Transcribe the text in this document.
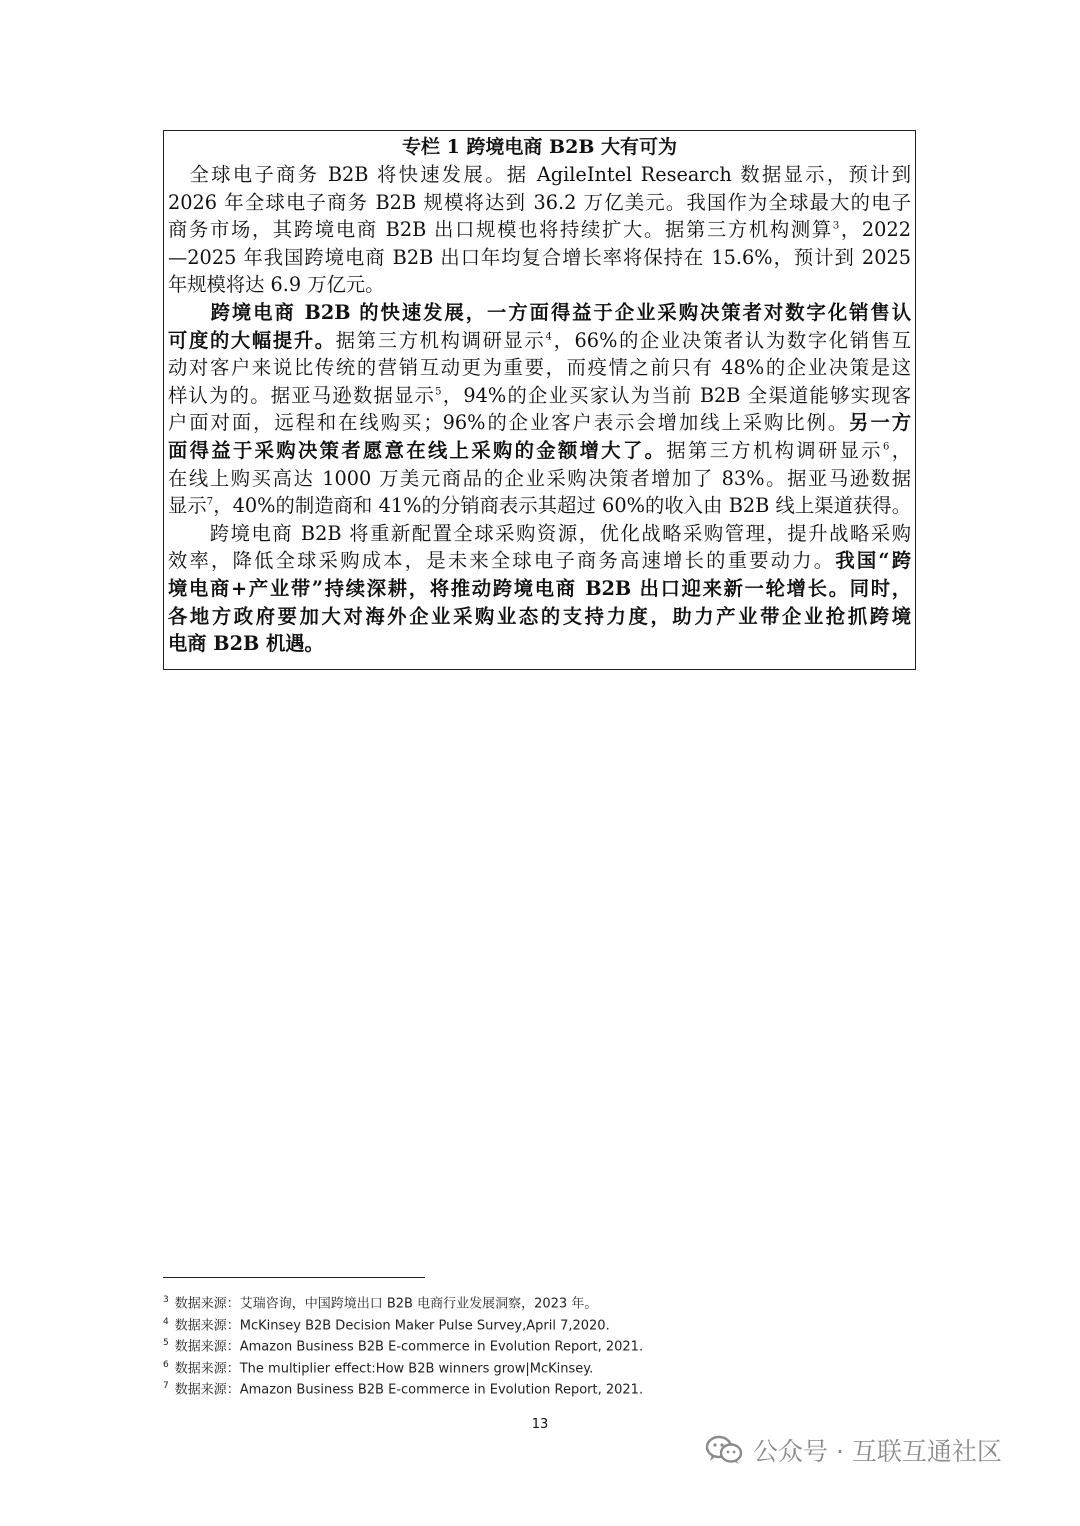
专栏 1 跨境电商 B2B 大有可为
　全球电子商务 B2B 将快速发展。据 AgileIntel Research 数据显示，预计到
2026 年全球电子商务 B2B 规模将达到 36.2 万亿美元。我国作为全球最大的电子
商务市场，其跨境电商 B2B 出口规模也将持续扩大。据第三方机构测算$^3$，2022
—2025 年我国跨境电商 B2B 出口年均复合增长率将保持在 15.6%，预计到 2025
年规模将达 6.9 万亿元。
　　跨境电商 B2B 的快速发展，一方面得益于企业采购决策者对数字化销售认
可度的大幅提升。据第三方机构调研显示$^4$，66%的企业决策者认为数字化销售互
动对客户来说比传统的营销互动更为重要，而疫情之前只有 48%的企业决策是这
样认为的。据亚马逊数据显示$^5$，94%的企业买家认为当前 B2B 全渠道能够实现客
户面对面，远程和在线购买；96%的企业客户表示会增加线上采购比例。另一方
面得益于采购决策者愿意在线上采购的金额增大了。据第三方机构调研显示$^6$，
在线上购买高达 1000 万美元商品的企业采购决策者增加了 83%。据亚马逊数据
显示$^7$，40%的制造商和 41%的分销商表示其超过 60%的收入由 B2B 线上渠道获得。
　　跨境电商 B2B 将重新配置全球采购资源，优化战略采购管理，提升战略采购
效率，降低全球采购成本，是未来全球电子商务高速增长的重要动力。我国“跨
境电商+产业带”持续深耕，将推动跨境电商 B2B 出口迎来新一轮增长。同时，
各地方政府要加大对海外企业采购业态的支持力度，助力产业带企业抢抓跨境
电商 B2B 机遇。
$^3$ 数据来源：艾瑞咨询，中国跨境出口 B2B 电商行业发展洞察，2023 年。
$^4$ 数据来源：McKinsey B2B Decision Maker Pulse Survey,April 7,2020.
$^5$ 数据来源：Amazon Business B2B E-commerce in Evolution Report, 2021.
$^6$ 数据来源：The multiplier effect:How B2B winners grow|McKinsey.
$^7$ 数据来源：Amazon Business B2B E-commerce in Evolution Report, 2021.
13
公众号 · 互联互通社区
